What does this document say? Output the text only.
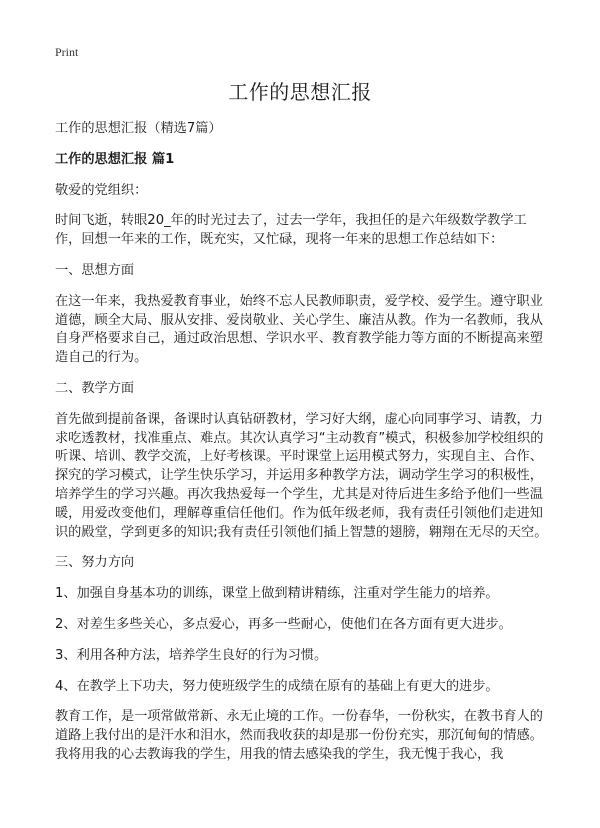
Print
工作的思想汇报

工作的思想汇报（精选7篇）

工作的思想汇报 篇1

敬爱的党组织：

时间飞逝，转眼20_年的时光过去了，过去一学年，我担任的是六年级数学教学工作，回想一年来的工作，既充实，又忙碌，现将一年来的思想工作总结如下：

一、思想方面

在这一年来，我热爱教育事业，始终不忘人民教师职责，爱学校、爱学生。遵守职业道德，顾全大局、服从安排、爱岗敬业、关心学生、廉洁从教。作为一名教师，我从自身严格要求自己，通过政治思想、学识水平、教育教学能力等方面的不断提高来塑造自己的行为。

二、教学方面

首先做到提前备课，备课时认真钻研教材，学习好大纲，虚心向同事学习、请教，力求吃透教材，找准重点、难点。其次认真学习“主动教育”模式，积极参加学校组织的听课、培训、教学交流，上好考核课。平时课堂上运用模式努力，实现自主、合作、探究的学习模式，让学生快乐学习，并运用多种教学方法，调动学生学习的积极性，培养学生的学习兴趣。再次我热爱每一个学生，尤其是对待后进生多给予他们一些温暖，用爱改变他们，理解尊重信任他们。作为低年级老师，我有责任引领他们走进知识的殿堂，学到更多的知识;我有责任引领他们插上智慧的翅膀，翱翔在无尽的天空。

三、努力方向

1、加强自身基本功的训练，课堂上做到精讲精练，注重对学生能力的培养。

2、对差生多些关心，多点爱心，再多一些耐心，使他们在各方面有更大进步。

3、利用各种方法，培养学生良好的行为习惯。

4、在教学上下功夫，努力使班级学生的成绩在原有的基础上有更大的进步。

教育工作，是一项常做常新、永无止境的工作。一份春华，一份秋实，在教书育人的道路上我付出的是汗水和泪水，然而我收获的却是那一份份充实，那沉甸甸的情感。我将用我的心去教诲我的学生，用我的情去感染我的学生，我无愧于我心，我
